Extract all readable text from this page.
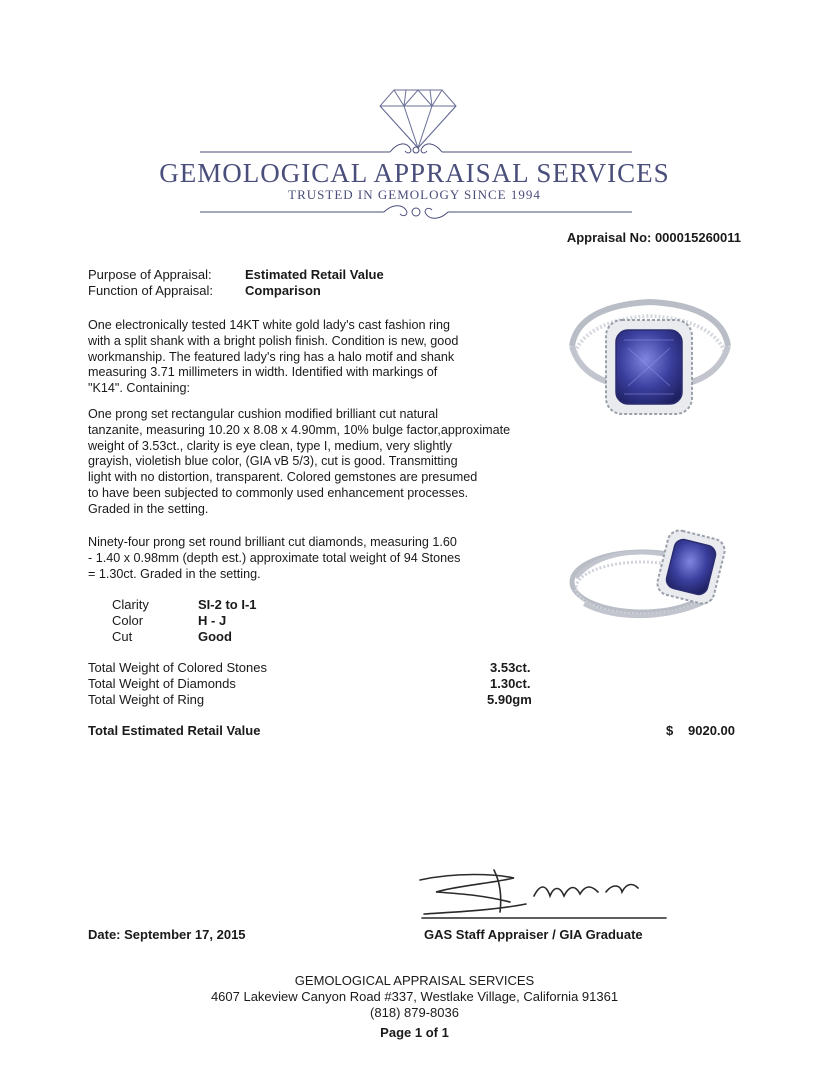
GEMOLOGICAL APPRAISAL SERVICES
TRUSTED IN GEMOLOGY SINCE 1994
Appraisal No: 000015260011
Purpose of Appraisal:	Estimated Retail Value
Function of Appraisal: Comparison
One electronically tested 14KT white gold lady's cast fashion ring
with a split shank with a bright polish finish. Condition is new, good
workmanship. The featured lady's ring has a halo motif and shank
measuring 3.71 millimeters in width. Identified with markings of
"K14". Containing:
One prong set rectangular cushion modified brilliant cut natural
tanzanite, measuring 10.20 x 8.08 x 4.90mm, 10% bulge factor,approximate
weight of 3.53ct., clarity is eye clean, type I, medium, very slightly
grayish, violetish blue color, (GIA vB 5/3), cut is good. Transmitting
light with no distortion, transparent. Colored gemstones are presumed
to have been subjected to commonly used enhancement processes.
Graded in the setting.
Ninety-four prong set round brilliant cut diamonds, measuring 1.60
- 1.40 x 0.98mm (depth est.) approximate total weight of 94 Stones
= 1.30ct. Graded in the setting.
Clarity	SI-2 to I-1
Color	H - J
Cut	Good
Total Weight of Colored Stones	3.53ct.
Total Weight of Diamonds	1.30ct.
Total Weight of Ring	5.90gm
Total Estimated Retail Value	$ 9020.00
Date: September 17, 2015	GAS Staff Appraiser / GIA Graduate
GEMOLOGICAL APPRAISAL SERVICES
4607 Lakeview Canyon Road #337, Westlake Village, California 91361
(818) 879-8036
Page 1 of 1
